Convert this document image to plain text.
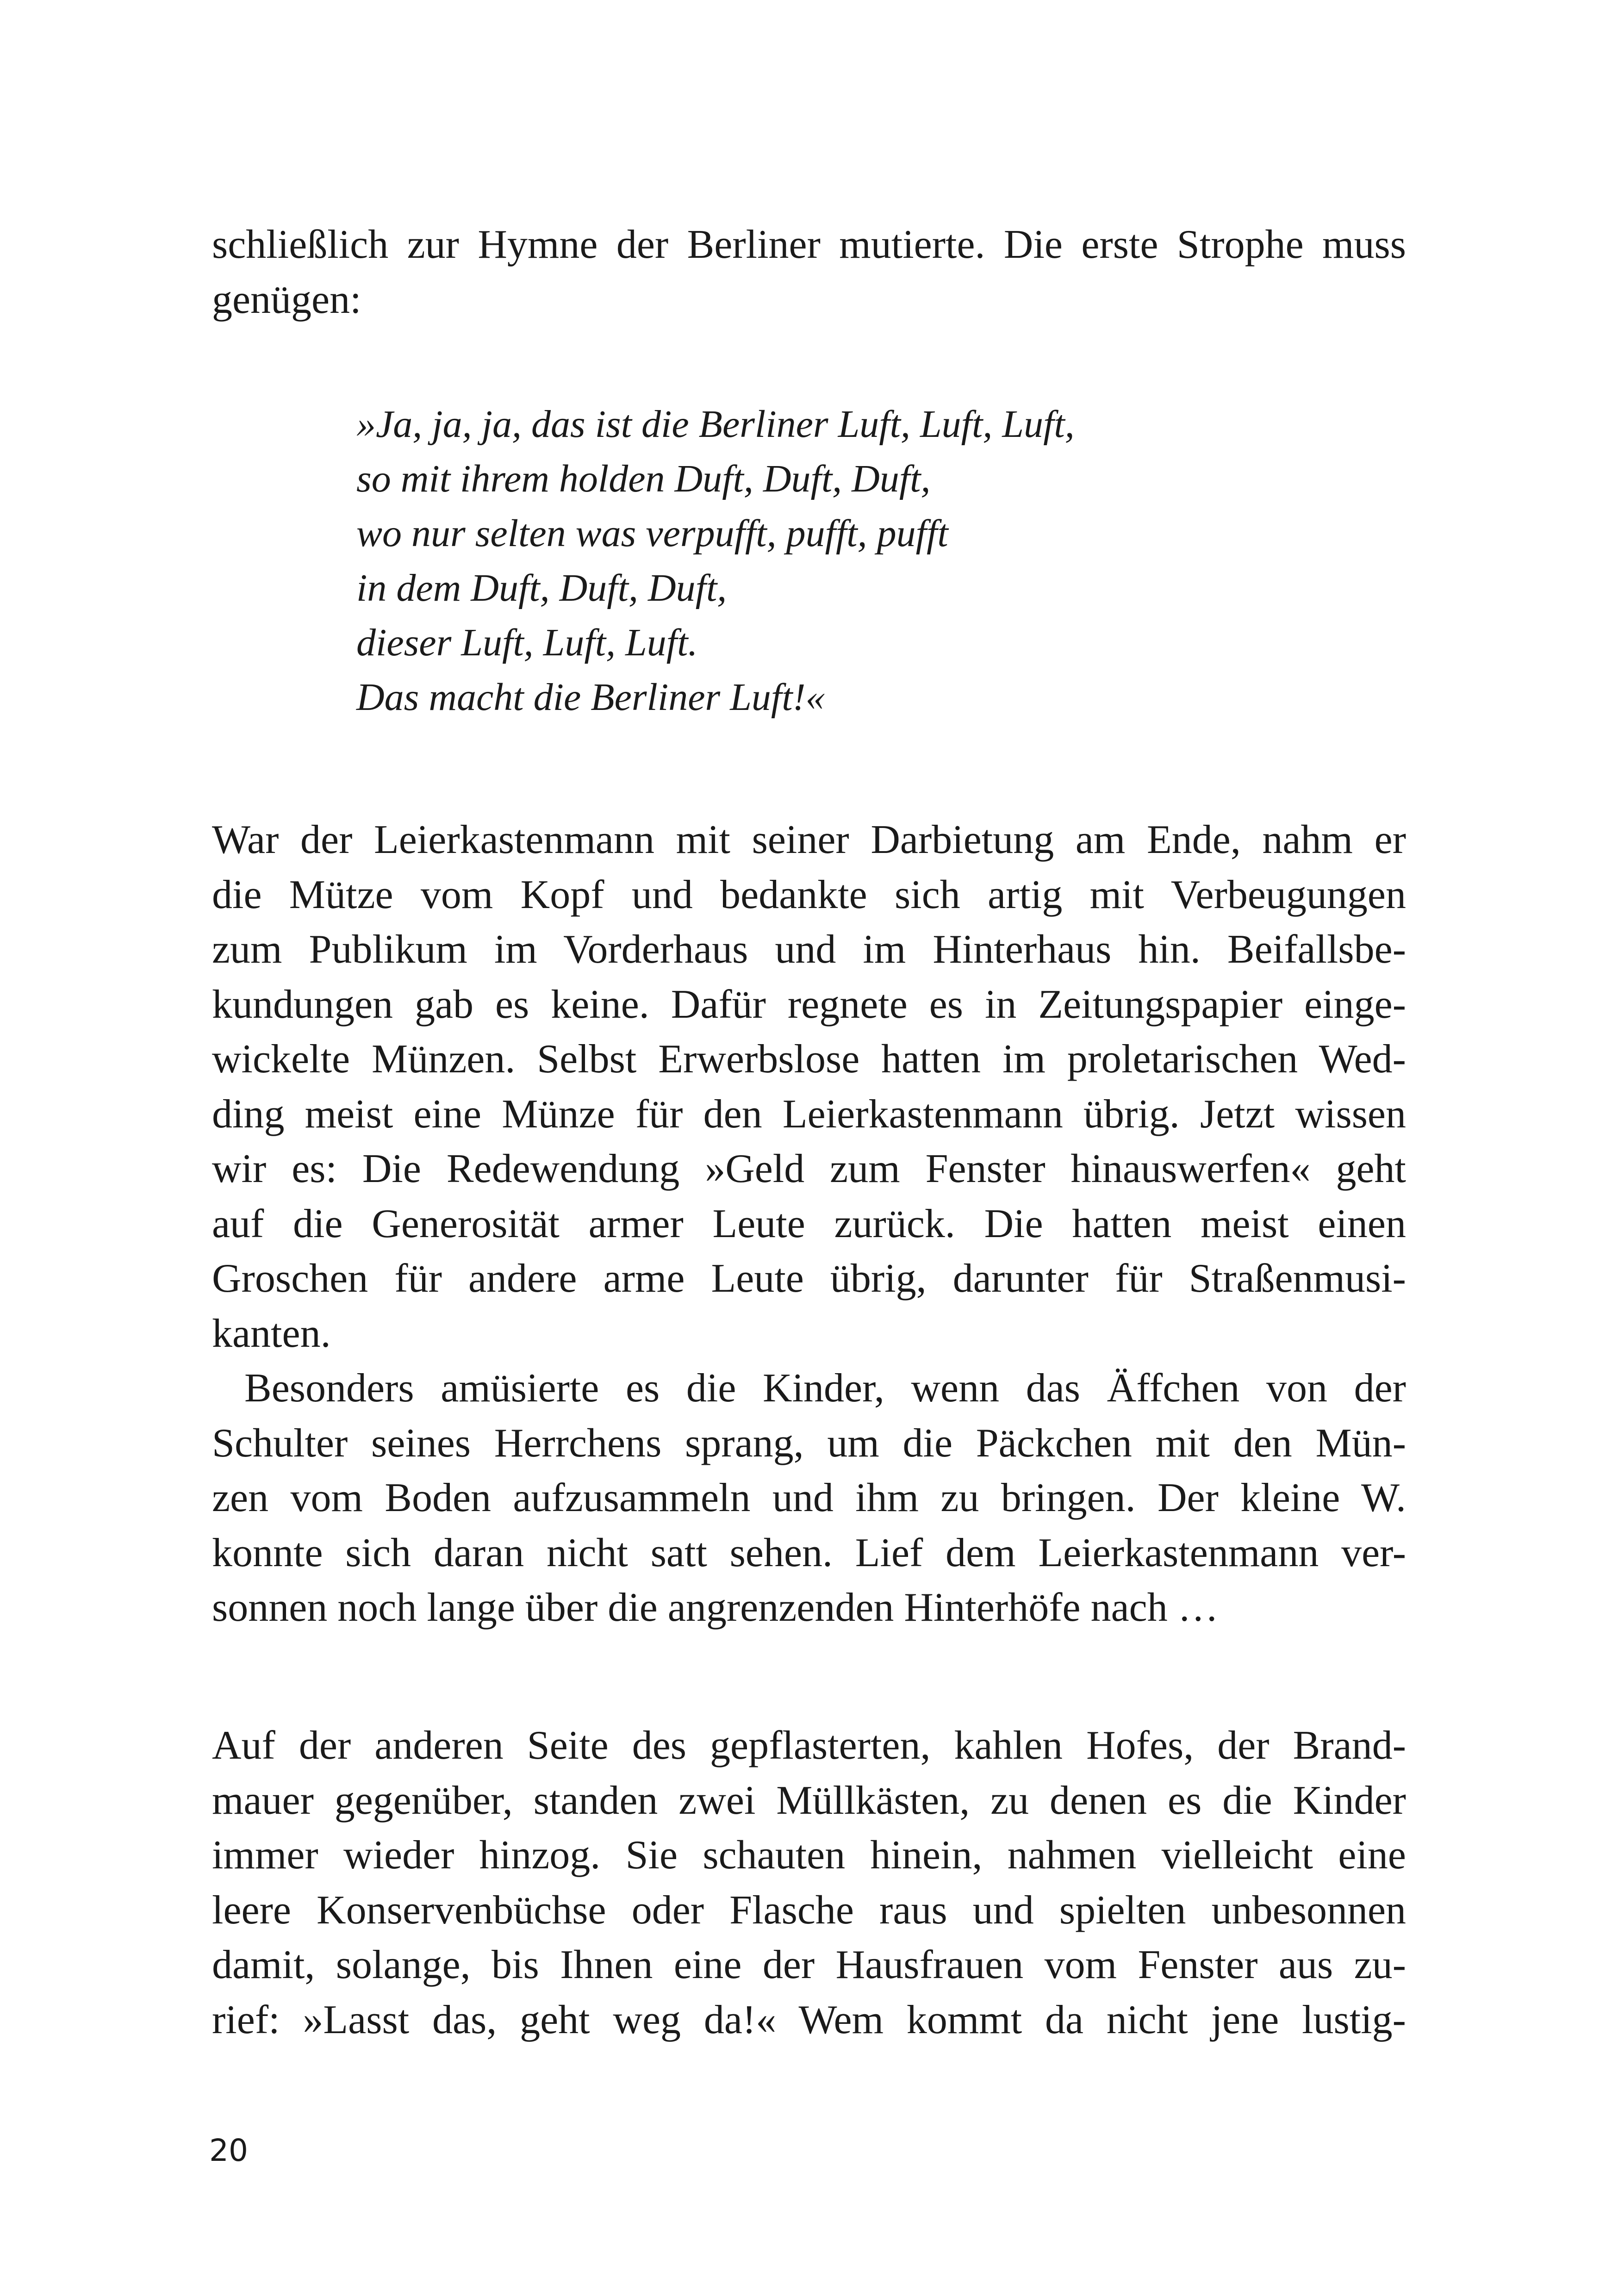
schließlich zur Hymne der Berliner mutierte. Die erste Strophe muss
genügen:
»Ja, ja, ja, das ist die Berliner Luft, Luft, Luft,
so mit ihrem holden Duft, Duft, Duft,
wo nur selten was verpufft, pufft, pufft
in dem Duft, Duft, Duft,
dieser Luft, Luft, Luft.
Das macht die Berliner Luft!«
War der Leierkastenmann mit seiner Darbietung am Ende, nahm er
die Mütze vom Kopf und bedankte sich artig mit Verbeugungen
zum Publikum im Vorderhaus und im Hinterhaus hin. Beifallsbe-
kundungen gab es keine. Dafür regnete es in Zeitungspapier einge-
wickelte Münzen. Selbst Erwerbslose hatten im proletarischen Wed-
ding meist eine Münze für den Leierkastenmann übrig. Jetzt wissen
wir es: Die Redewendung »Geld zum Fenster hinauswerfen« geht
auf die Generosität armer Leute zurück. Die hatten meist einen
Groschen für andere arme Leute übrig, darunter für Straßenmusi-
kanten.
Besonders amüsierte es die Kinder, wenn das Äffchen von der
Schulter seines Herrchens sprang, um die Päckchen mit den Mün-
zen vom Boden aufzusammeln und ihm zu bringen. Der kleine W.
konnte sich daran nicht satt sehen. Lief dem Leierkastenmann ver-
sonnen noch lange über die angrenzenden Hinterhöfe nach …
Auf der anderen Seite des gepflasterten, kahlen Hofes, der Brand-
mauer gegenüber, standen zwei Müllkästen, zu denen es die Kinder
immer wieder hinzog. Sie schauten hinein, nahmen vielleicht eine
leere Konservenbüchse oder Flasche raus und spielten unbesonnen
damit, solange, bis Ihnen eine der Hausfrauen vom Fenster aus zu-
rief: »Lasst das, geht weg da!« Wem kommt da nicht jene lustig-
20
